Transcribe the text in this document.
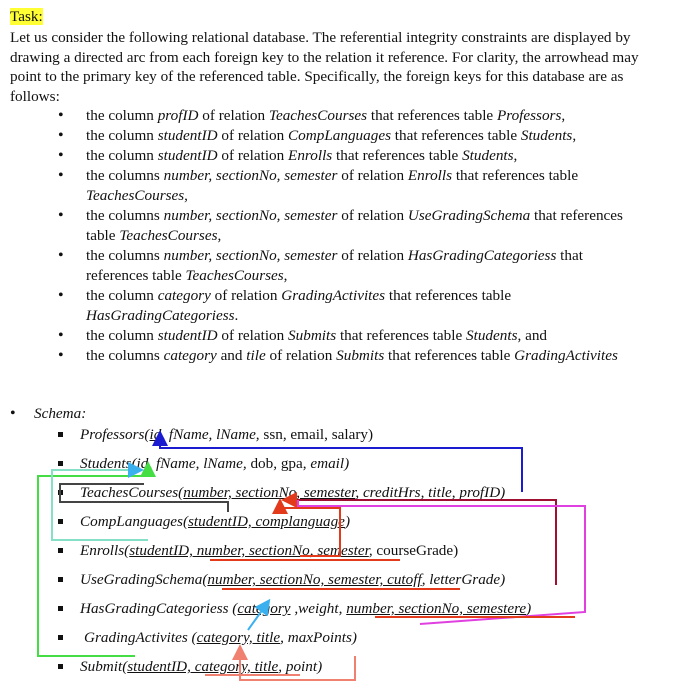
Task:
Let us consider the following relational database. The referential integrity constraints are displayed by drawing a directed arc from each foreign key to the relation it reference. For clarity, the arrowhead may point to the primary key of the referenced table. Specifically, the foreign keys for this database are as follows:
• the column profID of relation TeachesCourses that references table Professors,
• the column studentID of relation CompLanguages that references table Students,
• the column studentID of relation Enrolls that references table Students,
• the columns number, sectionNo, semester of relation Enrolls that references table TeachesCourses,
• the columns number, sectionNo, semester of relation UseGradingSchema that references table TeachesCourses,
• the columns number, sectionNo, semester of relation HasGradingCategoriess that references table TeachesCourses,
• the column category of relation GradingActivites that references table HasGradingCategoriess.
• the column studentID of relation Submits that references table Students, and
• the columns category and tile of relation Submits that references table GradingActivites
• Schema:
Professors(id, fName, lName, ssn, email, salary)
Students(id, fName, lName, dob, gpa, email)
TeachesCourses(number, sectionNo, semester, creditHrs, title, profID)
CompLanguages(studentID, complanguage)
Enrolls(studentID, number, sectionNo, semester, courseGrade)
UseGradingSchema(number, sectionNo, semester, cutoff, letterGrade)
HasGradingCategoriess (category ,weight, number, sectionNo, semestere)
GradingActivites (category, title, maxPoints)
Submit(studentID, category, title, point)
